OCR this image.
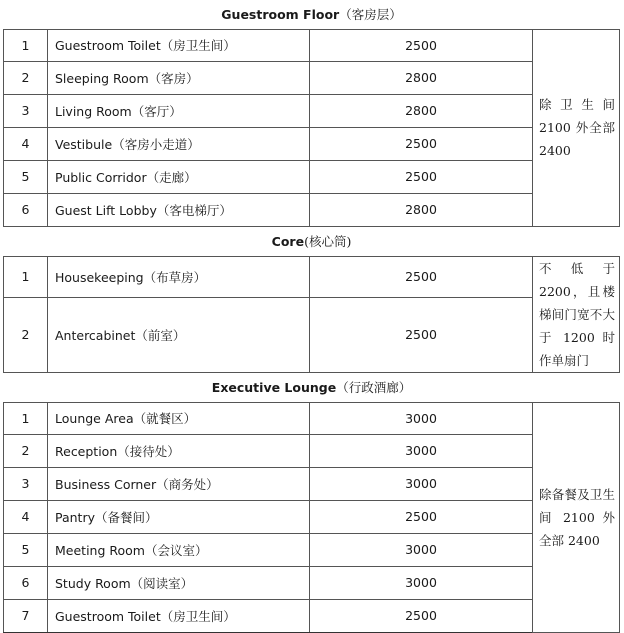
Guestroom Floor（客房层）			
1	Guestroom Toilet（房卫生间）	2500	除 卫 生 间 2100 外全部 2400
2	Sleeping Room（客房）	2800	
3	Living Room（客厅）	2800	
4	Vestibule（客房小走道）	2500	
5	Public Corridor（走廊）	2500	
6	Guest Lift Lobby（客电梯厅）	2800	
Core(核心筒)			
1	Housekeeping（布草房）	2500	不低于 2200，且楼梯间门宽不大于 1200 时作单扇门
2	Antercabinet（前室）	2500	
Executive Lounge（行政酒廊）			
1	Lounge Area（就餐区）	3000	除备餐及卫生间 2100 外全部 2400
2	Reception（接待处）	3000	
3	Business Corner（商务处）	3000	
4	Pantry（备餐间）	2500	
5	Meeting Room（会议室）	3000	
6	Study Room（阅读室）	3000	
7	Guestroom Toilet（房卫生间）	2500	
